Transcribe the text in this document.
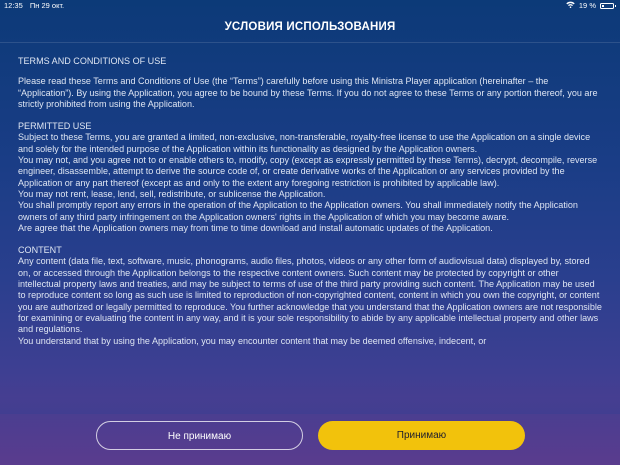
12:35 Пн 29 окт.	19 %
УСЛОВИЯ ИСПОЛЬЗОВАНИЯ
TERMS AND CONDITIONS OF USE

Please read these Terms and Conditions of Use (the “Terms”) carefully before using this Ministra Player application (hereinafter – the “Application”). By using the Application, you agree to be bound by these Terms. If you do not agree to these Terms or any portion thereof, you are strictly prohibited from using the Application.

PERMITTED USE

Subject to these Terms, you are granted a limited, non-exclusive, non-transferable, royalty-free license to use the Application on a single device and solely for the intended purpose of the Application within its functionality as designed by the Application owners.

You may not, and you agree not to or enable others to, modify, copy (except as expressly permitted by these Terms), decrypt, decompile, reverse engineer, disassemble, attempt to derive the source code of, or create derivative works of the Application or any services provided by the Application or any part thereof (except as and only to the extent any foregoing restriction is prohibited by applicable law).

You may not rent, lease, lend, sell, redistribute, or sublicense the Application.

You shall promptly report any errors in the operation of the Application to the Application owners. You shall immediately notify the Application owners of any third party infringement on the Application owners' rights in the Application of which you may become aware.

Are agree that the Application owners may from time to time download and install automatic updates of the Application.

CONTENT

Any content (data file, text, software, music, phonograms, audio files, photos, videos or any other form of audiovisual data) displayed by, stored on, or accessed through the Application belongs to the respective content owners. Such content may be protected by copyright or other intellectual property laws and treaties, and may be subject to terms of use of the third party providing such content. The Application may be used to reproduce content so long as such use is limited to reproduction of non-copyrighted content, content in which you own the copyright, or content you are authorized or legally permitted to reproduce. You further acknowledge that you understand that the Application owners are not responsible for examining or evaluating the content in any way, and it is your sole responsibility to abide by any applicable intellectual property and other laws and regulations.

You understand that by using the Application, you may encounter content that may be deemed offensive, indecent, or

Не принимаю	Принимаю
